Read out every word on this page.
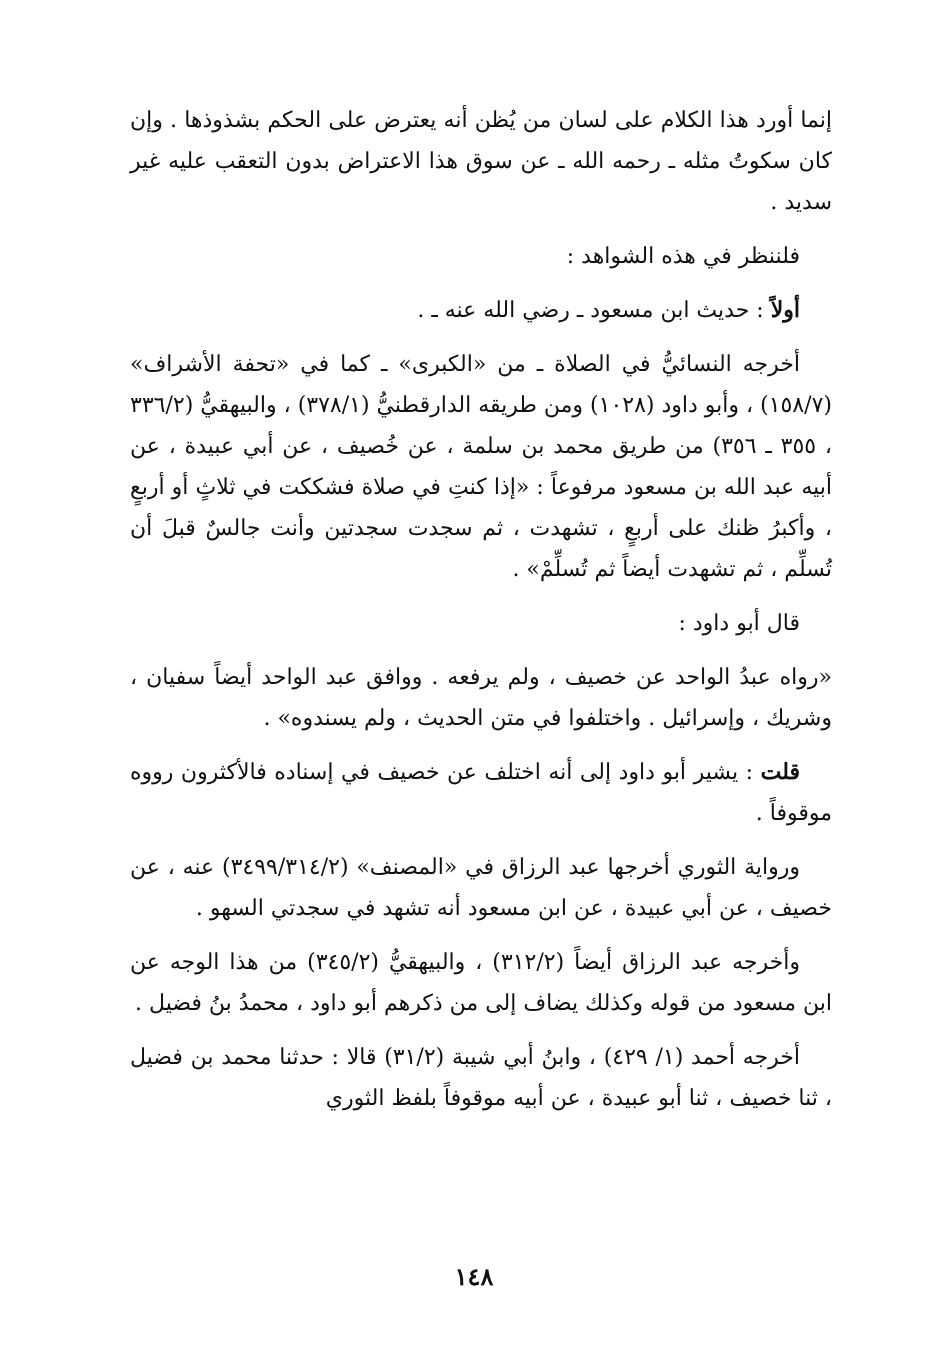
إنما أورد هذا الكلام على لسان من يُظن أنه يعترض على الحكم بشذوذها . وإن كان سكوتُ مثله ـ رحمه الله ـ عن سوق هذا الاعتراض بدون التعقب عليه غير سديد .

فلننظر في هذه الشواهد :

أولاً : حديث ابن مسعود ـ رضي الله عنه ـ .

أخرجه النسائيُّ في الصلاة ـ من «الكبرى» ـ كما في «تحفة الأشراف» (١٥٨/٧) ، وأبو داود (١٠٢٨) ومن طريقه الدارقطنيُّ (٣٧٨/١) ، والبيهقيُّ (٣٣٦/٢ ، ٣٥٥ ـ ٣٥٦) من طريق محمد بن سلمة ، عن خُصيف ، عن أبي عبيدة ، عن أبيه عبد الله بن مسعود مرفوعاً : «إذا كنتِ في صلاة فشككت في ثلاثٍ أو أربعٍ ، وأكبرُ ظنك على أربعٍ ، تشهدت ، ثم سجدت سجدتين وأنت جالسٌ قبلَ أن تُسلِّم ، ثم تشهدت أيضاً ثم تُسلِّمْ» .

قال أبو داود :

«رواه عبدُ الواحد عن خصيف ، ولم يرفعه . ووافق عبد الواحد أيضاً سفيان ، وشريك ، وإسرائيل . واختلفوا في متن الحديث ، ولم يسندوه» .

قلت : يشير أبو داود إلى أنه اختلف عن خصيف في إسناده فالأكثرون رووه موقوفاً .

ورواية الثوري أخرجها عبد الرزاق في «المصنف» (٣٤٩٩/٣١٤/٢) عنه ، عن خصيف ، عن أبي عبيدة ، عن ابن مسعود أنه تشهد في سجدتي السهو .

وأخرجه عبد الرزاق أيضاً (٣١٢/٢) ، والبيهقيُّ (٣٤٥/٢) من هذا الوجه عن ابن مسعود من قوله وكذلك يضاف إلى من ذكرهم أبو داود ، محمدُ بنُ فضيل .

أخرجه أحمد (١/ ٤٢٩) ، وابنُ أبي شيبة (٣١/٢) قالا : حدثنا محمد بن فضيل ، ثنا خصيف ، ثنا أبو عبيدة ، عن أبيه موقوفاً بلفظ الثوري

١٤٨
